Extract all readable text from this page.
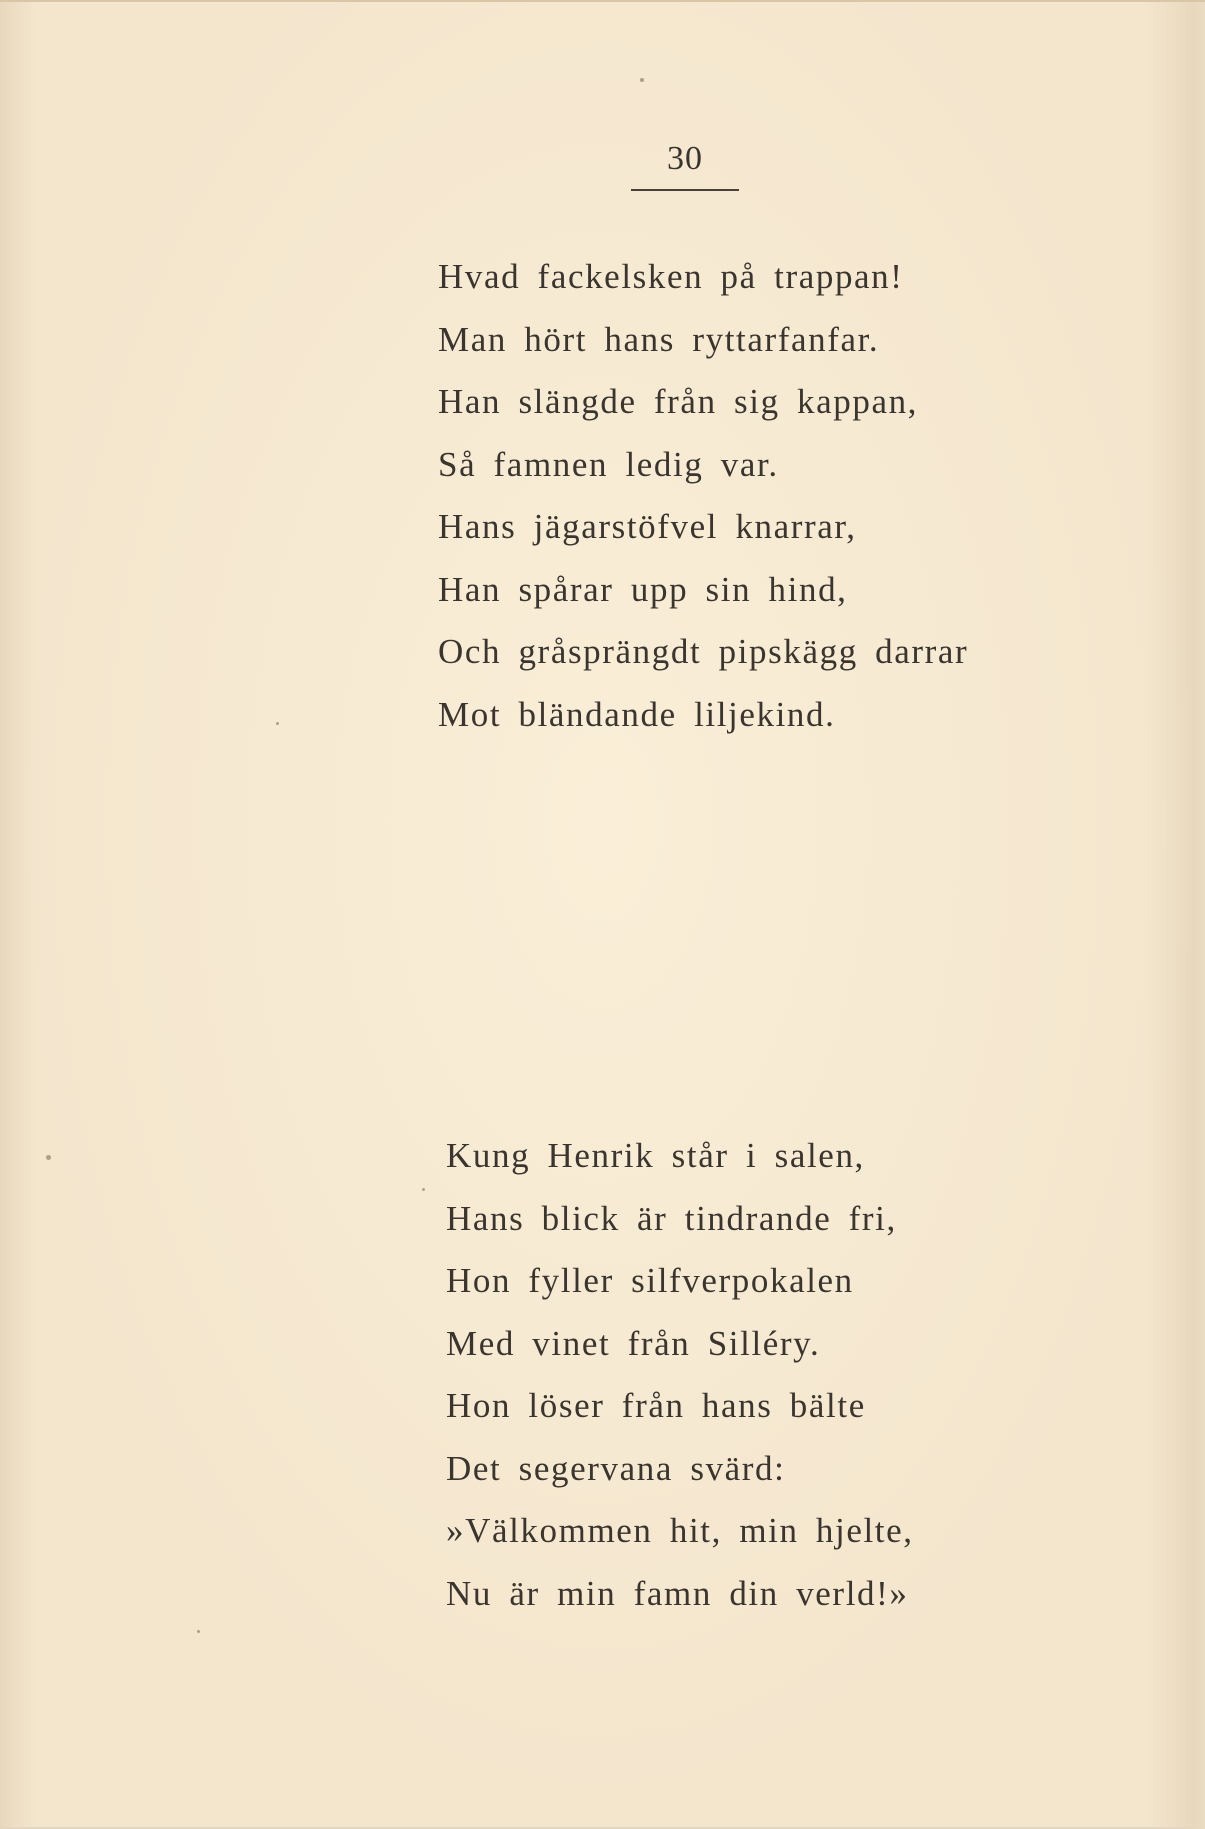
30
Hvad fackelsken på trappan!
Man hört hans ryttarfanfar.
Han slängde från sig kappan,
Så famnen ledig var.
Hans jägarstöfvel knarrar,
Han spårar upp sin hind,
Och gråsprängdt pipskägg darrar
Mot bländande liljekind.
Kung Henrik står i salen,
Hans blick är tindrande fri,
Hon fyller silfverpokalen
Med vinet från Silléry.
Hon löser från hans bälte
Det segervana svärd:
»Välkommen hit, min hjelte,
Nu är min famn din verld!»
